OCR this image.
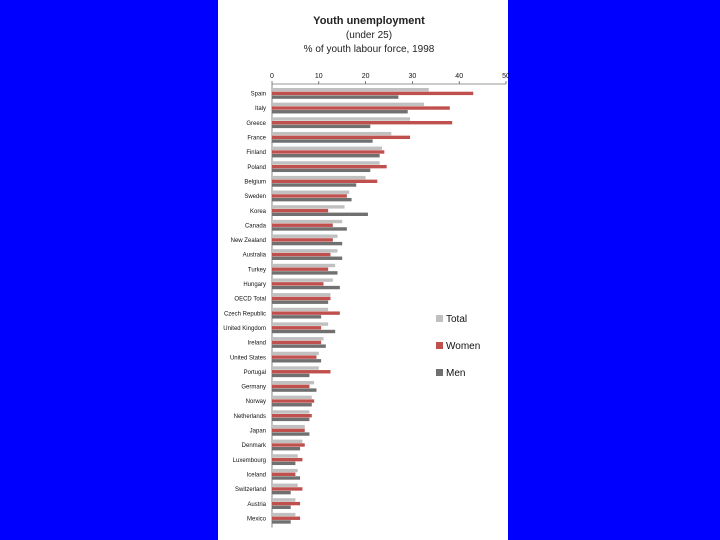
Youth unemployment
(under 25)
% of youth labour force, 1998
0	10	20	30	40	50
Spain
Italy
Greece
France
Finland
Poland
Belgium
Sweden
Korea
Canada
New Zealand
Australia
Turkey
Hungary
OECD Total
Czech Republic
United Kingdom
Ireland
United States
Portugal
Germany
Norway
Netherlands
Japan
Denmark
Luxembourg
Iceland
Switzerland
Austria
Mexico
Total
Women
Men
